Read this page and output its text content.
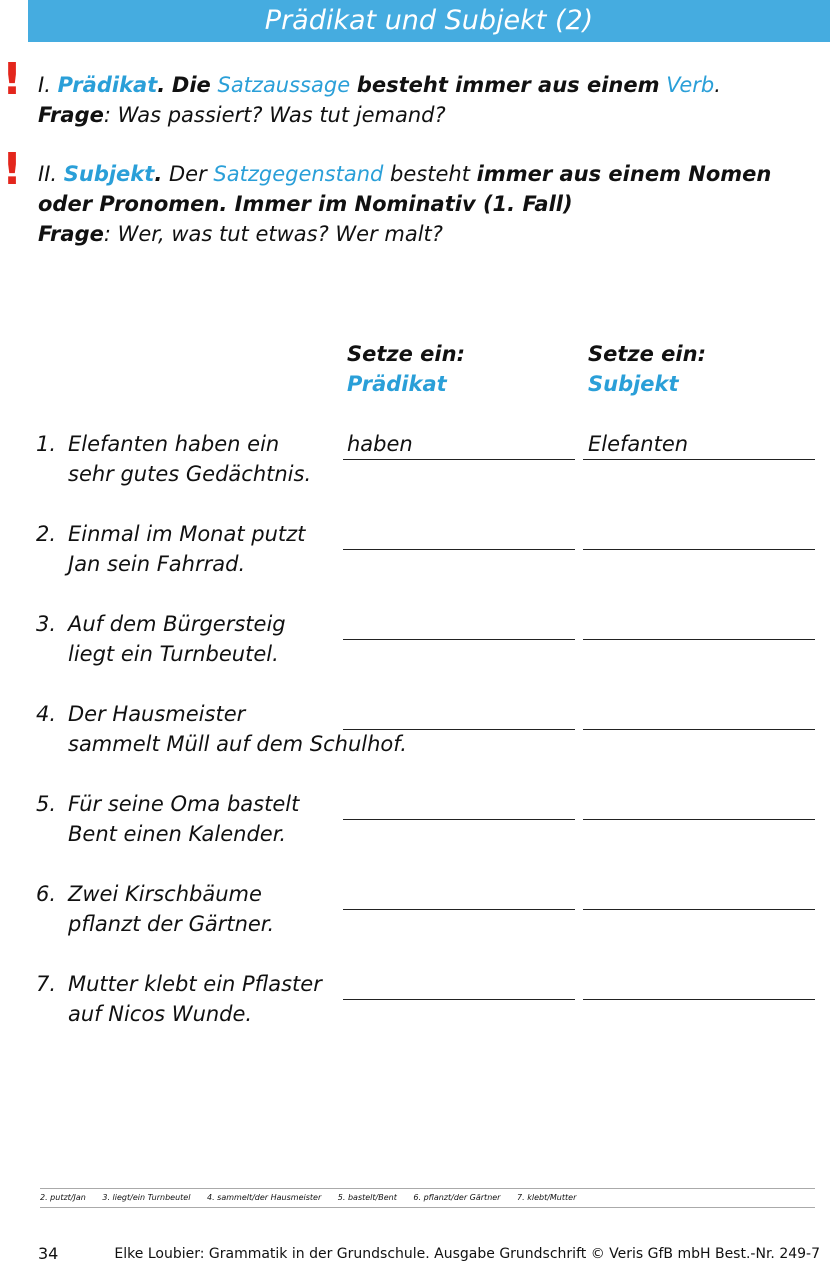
Prädikat und Subjekt (2)
! I. Prädikat. Die Satzaussage besteht immer aus einem Verb.
Frage: Was passiert? Was tut jemand?
! II. Subjekt. Der Satzgegenstand besteht immer aus einem Nomen
oder Pronomen. Immer im Nominativ (1. Fall)
Frage: Wer, was tut etwas? Wer malt?
Setze ein:
Prädikat
Setze ein:
Subjekt
1. Elefanten haben ein
sehr gutes Gedächtnis.
haben	Elefanten
2. Einmal im Monat putzt
Jan sein Fahrrad.
3. Auf dem Bürgersteig
liegt ein Turnbeutel.
4. Der Hausmeister
sammelt Müll auf dem Schulhof.
5. Für seine Oma bastelt
Bent einen Kalender.
6. Zwei Kirschbäume
pflanzt der Gärtner.
7. Mutter klebt ein Pflaster
auf Nicos Wunde.
2. putzt/Jan 3. liegt/ein Turnbeutel 4. sammelt/der Hausmeister 5. bastelt/Bent 6. pflanzt/der Gärtner 7. klebt/Mutter
34	Elke Loubier: Grammatik in der Grundschule. Ausgabe Grundschrift © Veris GfB mbH Best.-Nr. 249-7
